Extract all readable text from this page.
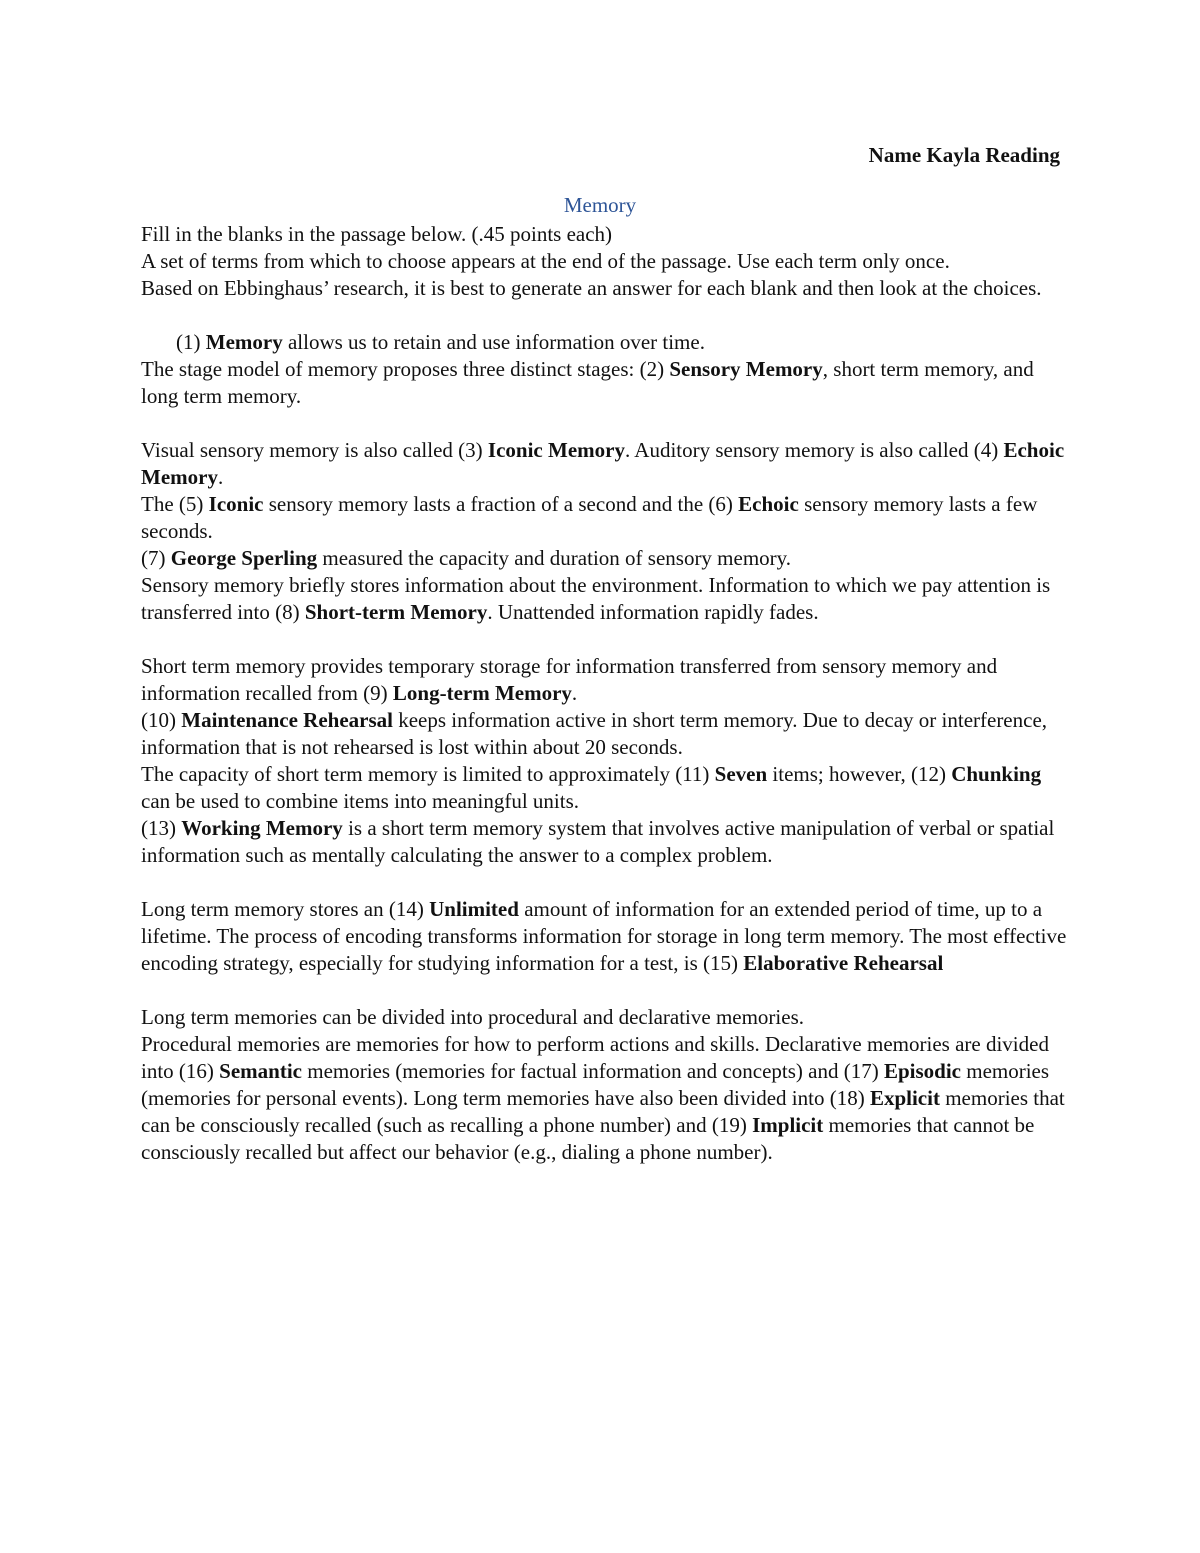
Name Kayla Reading
Memory

Fill in the blanks in the passage below. (.45 points each)

A set of terms from which to choose appears at the end of the passage. Use each term only once.

Based on Ebbinghaus’ research, it is best to generate an answer for each blank and then look at the choices.

(1) Memory allows us to retain and use information over time.

The stage model of memory proposes three distinct stages: (2) Sensory Memory, short term memory, and long term memory.

Visual sensory memory is also called (3) Iconic Memory. Auditory sensory memory is also called (4) Echoic Memory.

The (5) Iconic sensory memory lasts a fraction of a second and the (6) Echoic sensory memory lasts a few seconds.

(7) George Sperling measured the capacity and duration of sensory memory.

Sensory memory briefly stores information about the environment. Information to which we pay attention is transferred into (8) Short-term Memory. Unattended information rapidly fades.

Short term memory provides temporary storage for information transferred from sensory memory and information recalled from (9) Long-term Memory.

(10) Maintenance Rehearsal keeps information active in short term memory. Due to decay or interference, information that is not rehearsed is lost within about 20 seconds.

The capacity of short term memory is limited to approximately (11) Seven items; however, (12) Chunking can be used to combine items into meaningful units.

(13) Working Memory is a short term memory system that involves active manipulation of verbal or spatial information such as mentally calculating the answer to a complex problem.

Long term memory stores an (14) Unlimited amount of information for an extended period of time, up to a lifetime. The process of encoding transforms information for storage in long term memory. The most effective encoding strategy, especially for studying information for a test, is (15) Elaborative Rehearsal

Long term memories can be divided into procedural and declarative memories.

Procedural memories are memories for how to perform actions and skills. Declarative memories are divided into (16) Semantic memories (memories for factual information and concepts) and (17) Episodic memories (memories for personal events). Long term memories have also been divided into (18) Explicit memories that can be consciously recalled (such as recalling a phone number) and (19) Implicit memories that cannot be consciously recalled but affect our behavior (e.g., dialing a phone number).
